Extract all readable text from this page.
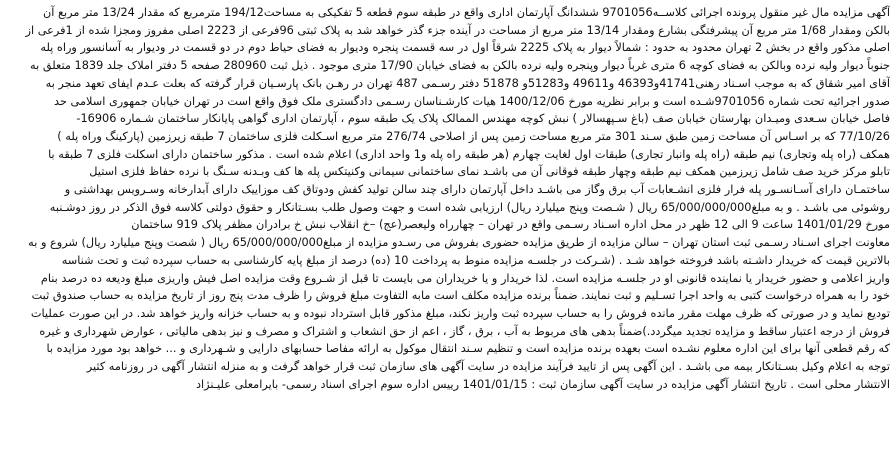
آگهی مزایده مال غیر منقول پرونده اجرائی کلاســه9701056 ششدانگ آپارتمان اداری واقع در طبقه سوم قطعه 5 تفکیکی به مساحت194/12 مترمربع که مقدار 13/24 متر مربع آن
بالکن ومقدار 1/68 متر مربع آن پیشرفتگی بشارع ومقدار 13/14 متر مربع از مساحت در آینده جزء گذر خواهد شد به پلاک ثبتی 96فرعی از 2223 اصلی مفروز ومجزا شده از 1فرعی از
اصلی مذکور واقع در بخش 2 تهران محدود به حدود : شمالاً دیوار به پلاک 2225 شرقاً اول در سه قسمت پنجره وديوار به فضای حیاط دوم در دو قسمت در وديوار به آسانسور وراه پله
جنوباً ديوار وليه نرده وبالکن به فضای کوچه 6 متری غرباً ديوار وپنجره وليه نرده بالکن به فضای خيابان 17/90 متری موجود . ذیل ثبت 280960 صفحه 5 دفتر املاک جلد 1839 متعلق به
آقای امیر شقاق که به موجب اسـناد رهنی41741و46393 و49611 و51283و 51878 دفتر رسـمی 487 تهران در رهـن بانک پارسـیان قرار گرفته که بعلت عـدم ایفای تعهد منجر به
صدور اجرائیه تحت شماره 9701056شـده است و برابر نظریه مورخ 1400/12/06 هیات کارشـناسان رسـمی دادگستری ملک فوق واقع است در تهران خیابان جمهوری اسلامی حد
فاصل خیابان سـعدی ومیـدان بهارستان خيابان صف (باغ سـپهسالار ) نبش کوچه مهندس الممالک پلاک یک طبقه سوم ، آپارتمان اداری گواهی پایانکار ساختمان شـماره 16906-
77/10/26 که بر اسـاس آن مساحت زمین طبق سـند 301 متر مربع مساحت زمین پس از اصلاحی 276/74 متر مربع اسـکلت فلزی ساختمان 7 طبقه زیرزمین (پارکینگ وراه پله )
همکف (راه پله وتجاری) نیم طبقه (راه پله وانبار تجاری) طبقات اول لغايت چهارم (هر طبقه راه پله و1 واحد اداری) اعلام شده است . مذکور ساختمان دارای اسکلت فلزی 7 طبقه با
تابلو مرکز خرید صف شامل زیرزمين همکف نیم طبقه وچهار طبقه فوقانی آن می باشـد نمای ساختمانی سیمانی وکنیتکس پله ها کف وبـدنه سـنگ با نرده حفاظ فلزی استیل
ساختمـان دارای آسـانسـور پله فرار فلزی انشـعابات آب برق وگاز می باشـد داخل آپارتمان دارای چند سالن تولید کفش ودوتاق کف موزاييک دارای آبدارخانه وسـرويس بهداشتی و
روشوئی می باشـد . و به مبلغ65/000/000/000 ريال ( شـصت وپنج ميليارد ريال) ارزيابی شده است و جهت وصول طلب بسـتانکار و حقوق دولتی کلاسه فوق الذکر در روز دوشـنبه
مورخ 1401/01/29 ساعت 9 الی 12 ظهر در محل اداره اسـناد رسـمی واقع در تهران – چهارراه وليعصر(عج) –خ انقلاب نبش خ برادران مظفر پلاک 919 ساختمان
معاونت اجرای اسـناد رسـمی ثبت استان تهران – سالن مزايده از طريق مزايده حضوری بفروش می رسـدو مزايده از مبلغ65/000/000/000 ريال ( شصت وپنج ميليارد ريال) شروع و به
بالاترين قيمت که خريدار داشـته باشد فروخته خواهد شـد . (شـركت در جلسـه مزايده منوط به پرداخت 10 (ده) درصد از مبلغ پايه کارشناسی به حساب سپرده ثبت و تحت شناسه
واریز اعلامی و حضور خریدار یا نماینده قانونی او در جلسـه مزايده است. لذا خریدار و یا خريداران می بايست تا قبل از شـروع وقت مزايده اصل فيش واريزی مبلغ وديعه ده درصد بنام
خود را به همراه درخواست کتبی به واحد اجرا تسـليم و ثبت نمايند. ضمناً برنده مزايده مكلف است مابه التفاوت مبلغ فروش را ظرف مدت پنج روز از تاريخ مزايده به حساب صندوق ثبت
توديع نمايد و در صورتی که ظرف مهلت مقرر مانده فروش را به حساب سپرده ثبت واريز نكند، مبلغ مذكور قابل استرداد نبوده و به حساب خزانه واريز خواهد شد. در اين صورت عمليات
فروش از درجه اعتبار ساقط و مزايده تجديد ميگردد.)ضمناً بدهی های مربوط به آب ، برق ، گاز ، اعم از حق انشعاب و اشتراک و مصرف و نيز بدهی مالياتی ، عوارض شهرداری و غيره
كه رقم قطعی آنها برای اين اداره معلوم نشـده است بعهده برنده مزايده است و تنظيم سـند انتقال موكول به ارائه مفاصا حسابهای دارايی و شـهرداری و ... خواهد بود مورد مزايده با
توجه به اعلام وكيل بسـتانكار بيمه می باشـد . اين آگهی پس از تاييد فرآيند مزايده در سايت آگهی های سازمان ثبت قرار خواهد گرفت و به منزله انتشار آگهی در روزنامه کثیر
الانتشار محلی است . تاريخ انتشار آگهی مزايده در سایت آگهی سازمان ثبت : 1401/01/15 رييس اداره سوم اجرای اسناد رسمی- بايرامعلی عليـنژاد
